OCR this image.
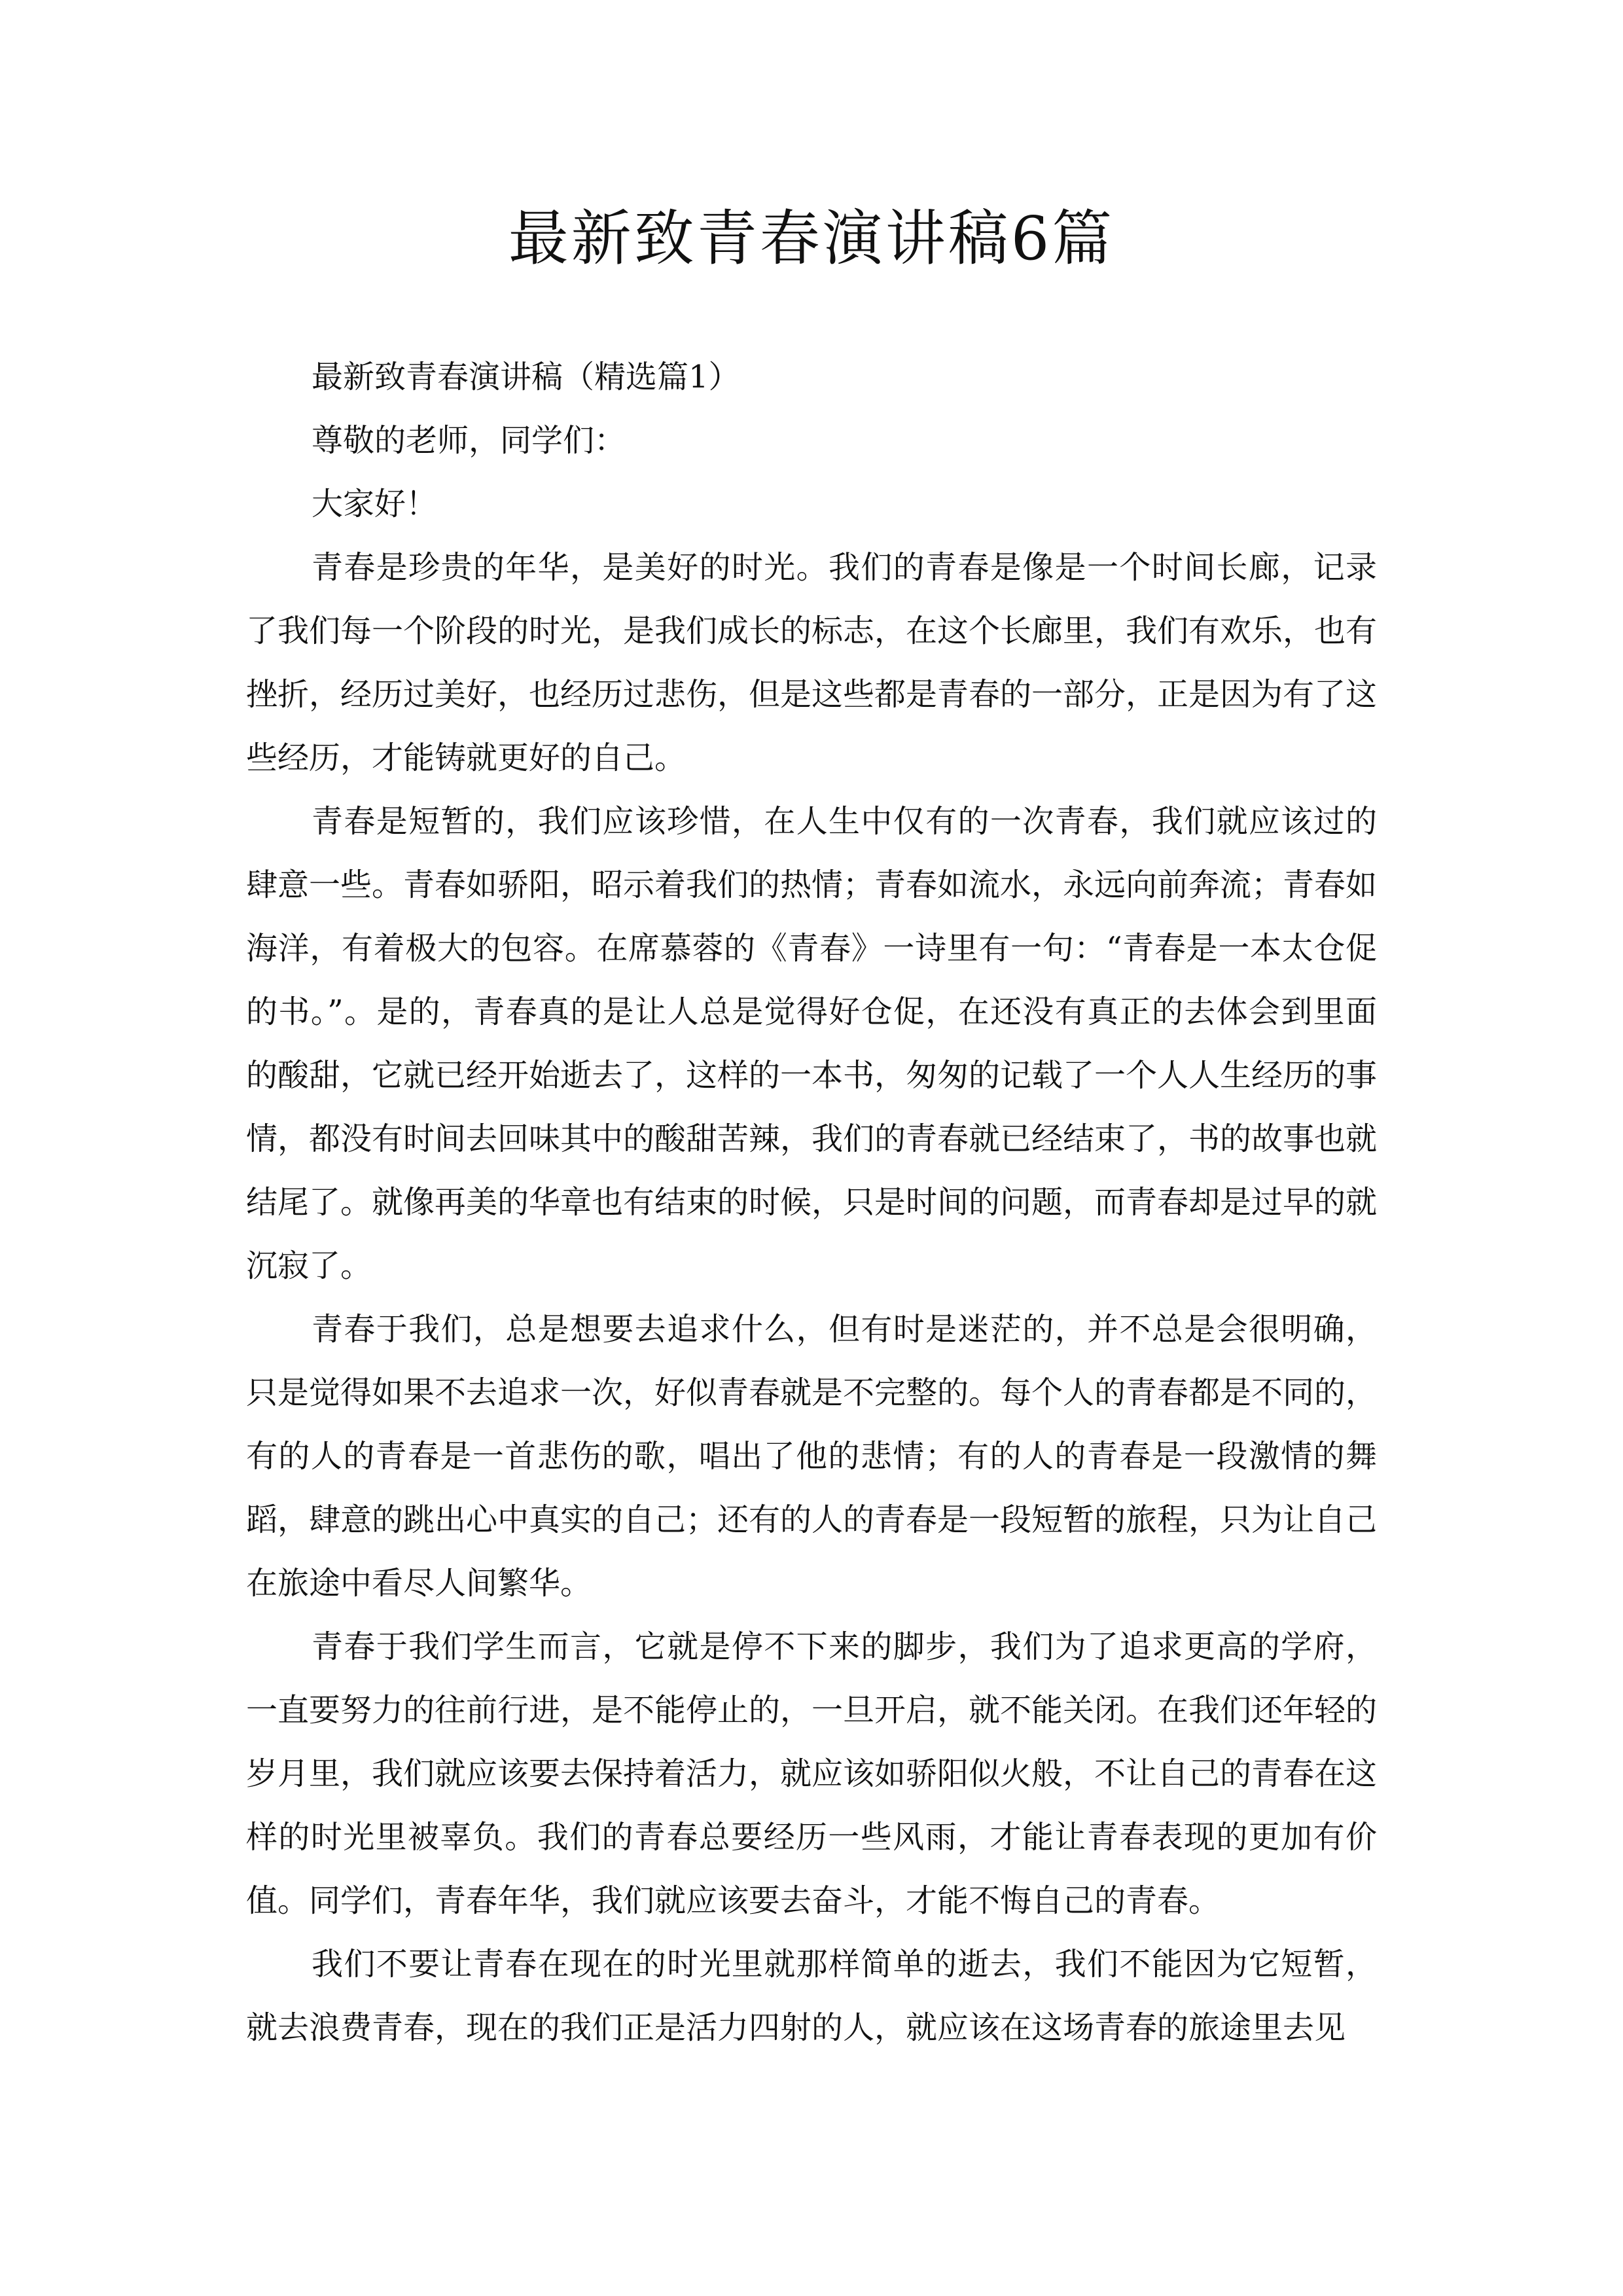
最新致青春演讲稿6篇

最新致青春演讲稿（精选篇1）

尊敬的老师，同学们：

大家好！

青春是珍贵的年华，是美好的时光。我们的青春是像是一个时间长廊，记录了我们每一个阶段的时光，是我们成长的标志，在这个长廊里，我们有欢乐，也有挫折，经历过美好，也经历过悲伤，但是这些都是青春的一部分，正是因为有了这些经历，才能铸就更好的自己。

青春是短暂的，我们应该珍惜，在人生中仅有的一次青春，我们就应该过的肆意一些。青春如骄阳，昭示着我们的热情；青春如流水，永远向前奔流；青春如海洋，有着极大的包容。在席慕蓉的《青春》一诗里有一句：“青春是一本太仓促的书。”。是的，青春真的是让人总是觉得好仓促，在还没有真正的去体会到里面的酸甜，它就已经开始逝去了，这样的一本书，匆匆的记载了一个人人生经历的事情，都没有时间去回味其中的酸甜苦辣，我们的青春就已经结束了，书的故事也就结尾了。就像再美的华章也有结束的时候，只是时间的问题，而青春却是过早的就沉寂了。

青春于我们，总是想要去追求什么，但有时是迷茫的，并不总是会很明确，只是觉得如果不去追求一次，好似青春就是不完整的。每个人的青春都是不同的，有的人的青春是一首悲伤的歌，唱出了他的悲情；有的人的青春是一段激情的舞蹈，肆意的跳出心中真实的自己；还有的人的青春是一段短暂的旅程，只为让自己在旅途中看尽人间繁华。

青春于我们学生而言，它就是停不下来的脚步，我们为了追求更高的学府，一直要努力的往前行进，是不能停止的，一旦开启，就不能关闭。在我们还年轻的岁月里，我们就应该要去保持着活力，就应该如骄阳似火般，不让自己的青春在这样的时光里被辜负。我们的青春总要经历一些风雨，才能让青春表现的更加有价值。同学们，青春年华，我们就应该要去奋斗，才能不悔自己的青春。

我们不要让青春在现在的时光里就那样简单的逝去，我们不能因为它短暂，就去浪费青春，现在的我们正是活力四射的人，就应该在这场青春的旅途里去见
